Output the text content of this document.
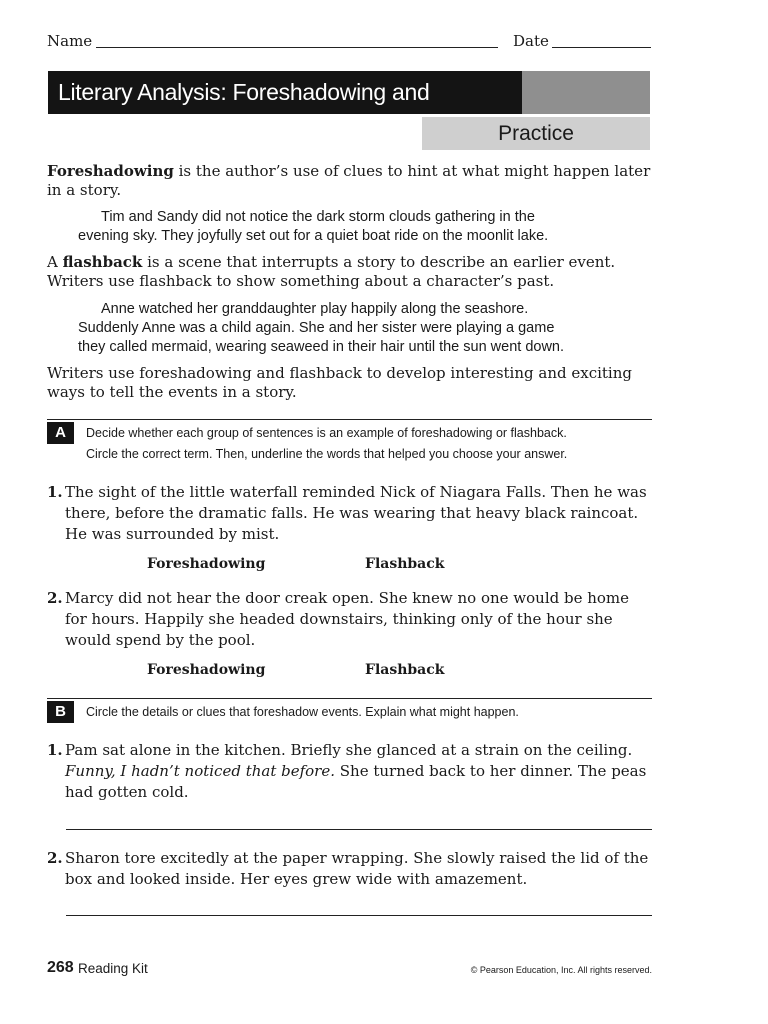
Name	Date
Literary Analysis: Foreshadowing and Flashback	Practice
Foreshadowing is the author’s use of clues to hint at what might happen later in a story.
Tim and Sandy did not notice the dark storm clouds gathering in the
evening sky. They joyfully set out for a quiet boat ride on the moonlit lake.
A flashback is a scene that interrupts a story to describe an earlier event. Writers use flashback to show something about a character’s past.
Anne watched her granddaughter play happily along the seashore.
Suddenly Anne was a child again. She and her sister were playing a game
they called mermaid, wearing seaweed in their hair until the sun went down.
Writers use foreshadowing and flashback to develop interesting and exciting ways to tell the events in a story.
A	Decide whether each group of sentences is an example of foreshadowing or flashback.
Circle the correct term. Then, underline the words that helped you choose your answer.
1. The sight of the little waterfall reminded Nick of Niagara Falls. Then he was there, before the dramatic falls. He was wearing that heavy black raincoat. He was surrounded by mist.
Foreshadowing	Flashback
2. Marcy did not hear the door creak open. She knew no one would be home for hours. Happily she headed downstairs, thinking only of the hour she would spend by the pool.
Foreshadowing	Flashback
B	Circle the details or clues that foreshadow events. Explain what might happen.
1. Pam sat alone in the kitchen. Briefly she glanced at a strain on the ceiling. Funny, I hadn’t noticed that before. She turned back to her dinner. The peas had gotten cold.
2. Sharon tore excitedly at the paper wrapping. She slowly raised the lid of the box and looked inside. Her eyes grew wide with amazement.
268 Reading Kit	© Pearson Education, Inc. All rights reserved.
